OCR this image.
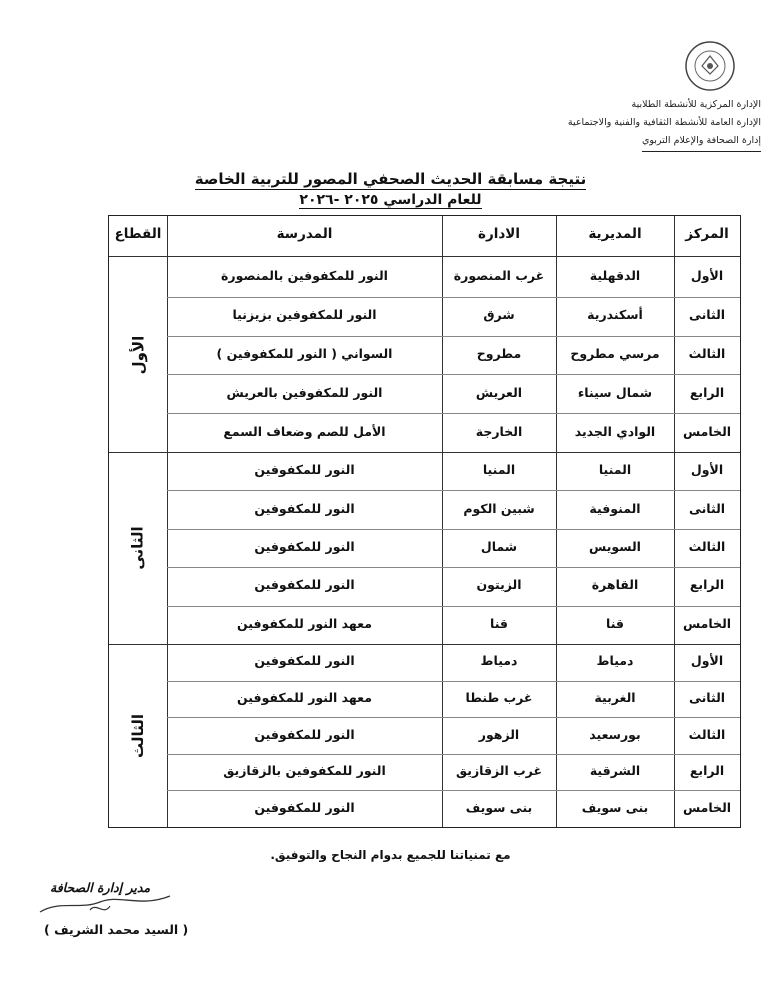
الإدارة المركزية للأنشطة الطلابية
الإدارة العامة للأنشطة الثقافية والفنية والاجتماعية
إدارة الصحافة والإعلام التربوي
نتيجة مسابقة الحديث الصحفي المصور للتربية الخاصة
للعام الدراسي ٢٠٢٥ -٢٠٢٦
المركز
المديرية
الادارة
المدرسة
القطاع
الأول
الأول
الدقهلية
غرب المنصورة
النور للمكفوفين بالمنصورة
الثانى
أسكندرية
شرق
النور للمكفوفين بزيزنيا
الثالث
مرسي مطروح
مطروح
السواني ( النور للمكفوفين )
الرابع
شمال سيناء
العريش
النور للمكفوفين بالعريش
الخامس
الوادي الجديد
الخارجة
الأمل للصم وضعاف السمع
الثانى
الأول
المنيا
المنيا
النور للمكفوفين
الثانى
المنوفية
شبين الكوم
النور للمكفوفين
الثالث
السويس
شمال
النور للمكفوفين
الرابع
القاهرة
الزيتون
النور للمكفوفين
الخامس
قنا
قنا
معهد النور للمكفوفين
الثالث
الأول
دمياط
دمياط
النور للمكفوفين
الثانى
الغربية
غرب طنطا
معهد النور للمكفوفين
الثالث
بورسعيد
الزهور
النور للمكفوفين
الرابع
الشرقية
غرب الزقازيق
النور للمكفوفين بالزقازيق
الخامس
بنى سويف
بنى سويف
النور للمكفوفين
مع تمنياتنا للجميع بدوام النجاح والتوفيق.
مدير إدارة الصحافة
( السيد محمد الشريف )
